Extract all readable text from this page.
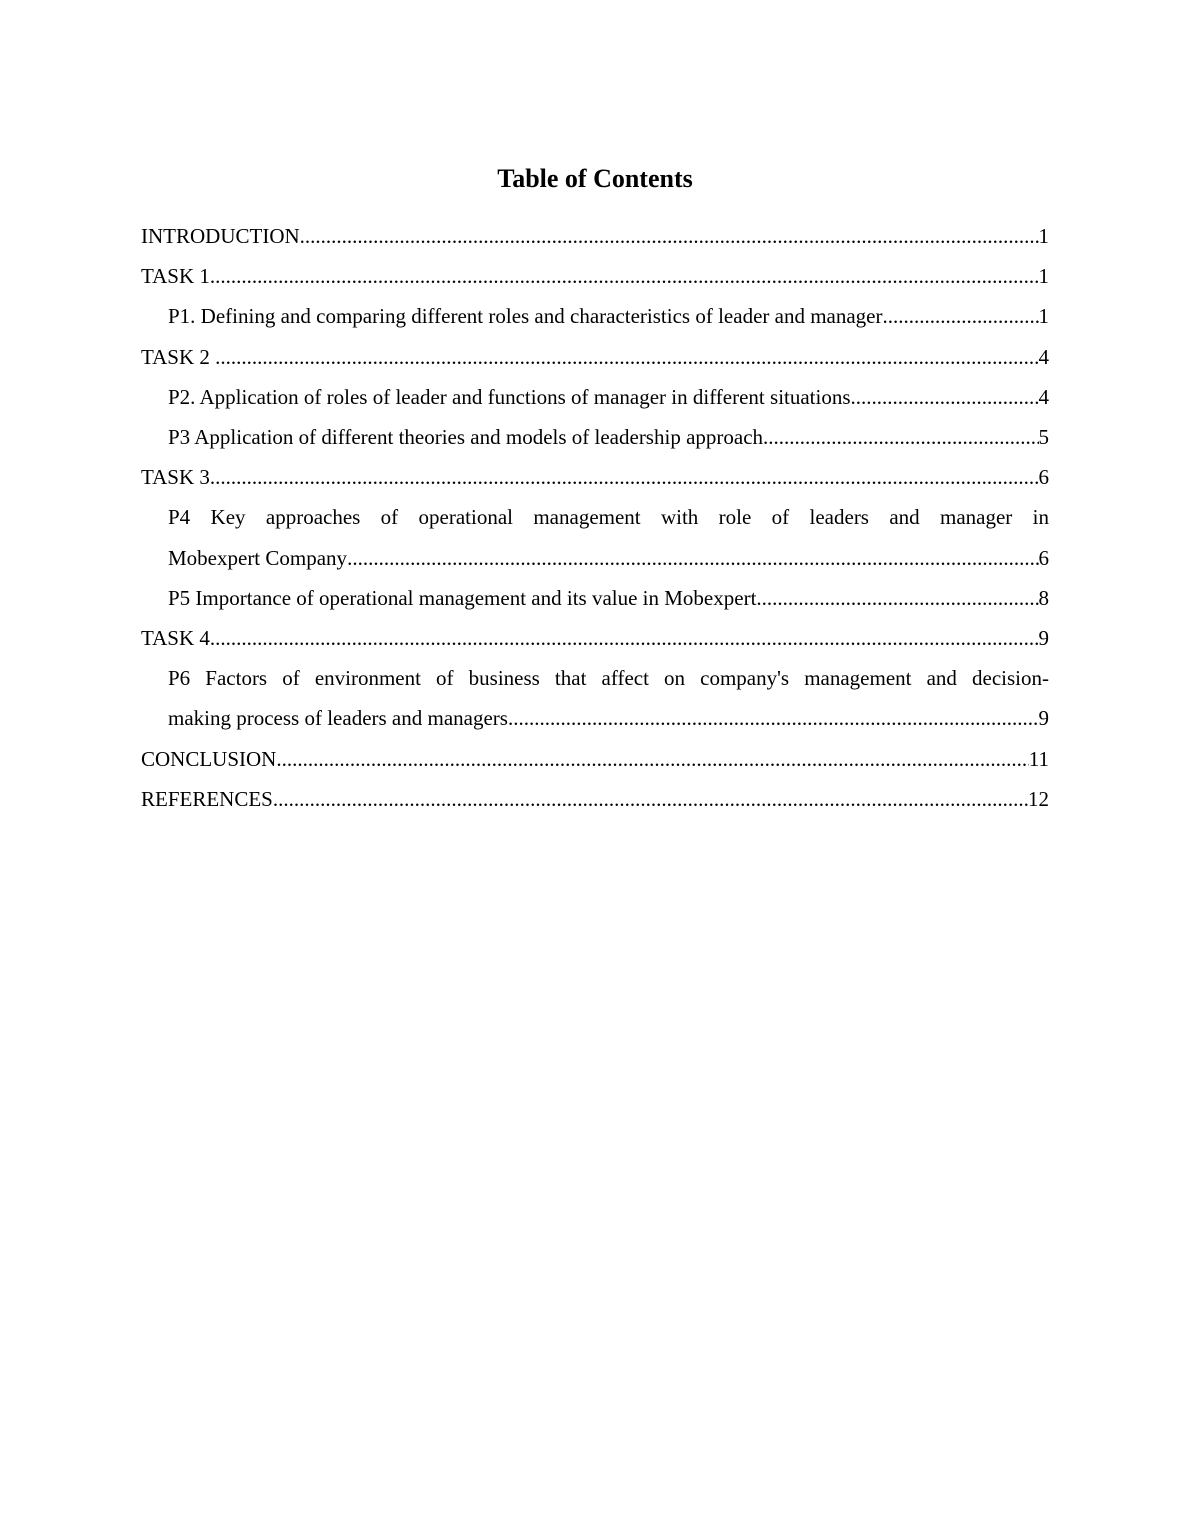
Table of Contents
INTRODUCTION .....	1
TASK 1 .....	1
P1. Defining and comparing different roles and characteristics of leader and manager .....	1
TASK 2 .....	4
P2. Application of roles of leader and functions of manager in different situations .....	4
P3 Application of different theories and models of leadership approach .....	5
TASK 3 .....	6
P4 Key approaches of operational management with role of leaders and manager in
Mobexpert Company .....	6
P5 Importance of operational management and its value in Mobexpert .....	8
TASK 4 .....	9
P6 Factors of environment of business that affect on company's management and decision-
making process of leaders and managers .....	9
CONCLUSION .....	11
REFERENCES .....	12
